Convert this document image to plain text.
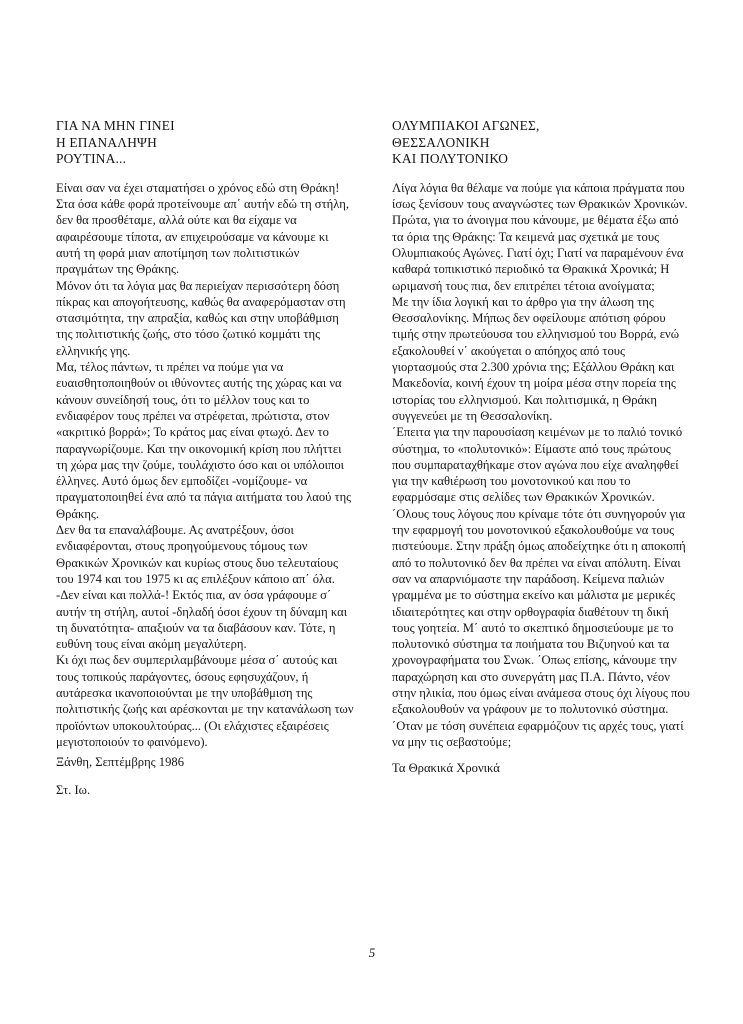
ΓΙΑ ΝΑ ΜΗΝ ΓΙΝΕΙ
Η ΕΠΑΝΑΛΗΨΗ
ΡΟΥΤΙΝΑ...

Είναι σαν να έχει σταματήσει ο χρόνος εδώ στη Θράκη!

Στα όσα κάθε φορά προτείνουμε απ΄ αυτήν εδώ τη στήλη, δεν θα προσθέταμε, αλλά ούτε και θα είχαμε να αφαιρέσουμε τίποτα, αν επιχειρούσαμε να κάνουμε κι αυτή τη φορά μιαν αποτίμηση των πολιτιστικών πραγμάτων της Θράκης.

Μόνον ότι τα λόγια μας θα περιείχαν περισσότερη δόση πίκρας και απογοήτευσης, καθώς θα αναφερόμασταν στη στασιμότητα, την απραξία, καθώς και στην υποβάθμιση της πολιτιστικής ζωής, στο τόσο ζωτικό κομμάτι της ελληνικής γης.

Μα, τέλος πάντων, τι πρέπει να πούμε για να ευαισθητοποιηθούν οι ιθύνοντες αυτής της χώρας και να κάνουν συνείδησή τους, ότι το μέλλον τους και το ενδιαφέρον τους πρέπει να στρέφεται, πρώτιστα, στον «ακριτικό βορρά»; Το κράτος μας είναι φτωχό. Δεν το παραγνωρίζουμε. Και την οικονομική κρίση που πλήττει τη χώρα μας την ζούμε, τουλάχιστο όσο και οι υπόλοιποι έλληνες. Αυτό όμως δεν εμποδίζει -νομίζουμε- να πραγματοποιηθεί ένα από τα πάγια αιτήματα του λαού της Θράκης.

Δεν θα τα επαναλάβουμε. Ας ανατρέξουν, όσοι ενδιαφέρονται, στους προηγούμενους τόμους των Θρακικών Χρονικών και κυρίως στους δυο τελευταίους του 1974 και του 1975 κι ας επιλέξουν κάποιο απ΄ όλα. -Δεν είναι και πολλά-! Εκτός πια, αν όσα γράφουμε σ΄ αυτήν τη στήλη, αυτοί -δηλαδή όσοι έχουν τη δύναμη και τη δυνατότητα- απαξιούν να τα διαβάσουν καν. Τότε, η ευθύνη τους είναι ακόμη μεγαλύτερη.

Κι όχι πως δεν συμπεριλαμβάνουμε μέσα σ΄ αυτούς και τους τοπικούς παράγοντες, όσους εφησυχάζουν, ή αυτάρεσκα ικανοποιούνται με την υποβάθμιση της πολιτιστικής ζωής και αρέσκονται με την κατανάλωση των προϊόντων υποκουλτούρας... (Οι ελάχιστες εξαιρέσεις μεγιστοποιούν το φαινόμενο).

Ξάνθη, Σεπτέμβρης 1986

Στ. Ιω.

ΟΛΥΜΠΙΑΚΟΙ ΑΓΩΝΕΣ,
ΘΕΣΣΑΛΟΝΙΚΗ
ΚΑΙ ΠΟΛΥΤΟΝΙΚΟ

Λίγα λόγια θα θέλαμε να πούμε για κάποια πράγματα που ίσως ξενίσουν τους αναγνώστες των Θρακικών Χρονικών.

Πρώτα, για το άνοιγμα που κάνουμε, με θέματα έξω από τα όρια της Θράκης: Τα κειμενά μας σχετικά με τους Ολυμπιακούς Αγώνες. Γιατί όχι; Γιατί να παραμένουν ένα καθαρά τοπικιστικό περιοδικό τα Θρακικά Χρονικά; Η ωριμανσή τους πια, δεν επιτρέπει τέτοια ανοίγματα;

Με την ίδια λογική και το άρθρο για την άλωση της Θεσσαλονίκης. Μήπως δεν οφείλουμε απότιση φόρου τιμής στην πρωτεύουσα του ελληνισμού του Βορρά, ενώ εξακολουθεί ν΄ ακούγεται ο απόηχος από τους γιορτασμούς στα 2.300 χρόνια της; Εξάλλου Θράκη και Μακεδονία, κοινή έχουν τη μοίρα μέσα στην πορεία της ιστορίας του ελληνισμού. Και πολιτισμικά, η Θράκη συγγενεύει με τη Θεσσαλονίκη.

΄Επειτα για την παρουσίαση κειμένων με το παλιό τονικό σύστημα, το «πολυτονικό»: Είμαστε από τους πρώτους που συμπαραταχθήκαμε στον αγώνα που είχε αναληφθεί για την καθιέρωση του μονοτονικού και που το εφαρμόσαμε στις σελίδες των Θρακικών Χρονικών. ΄Ολους τους λόγους που κρίναμε τότε ότι συνηγορούν για την εφαρμογή του μονοτονικού εξακολουθούμε να τους πιστεύουμε. Στην πράξη όμως αποδείχτηκε ότι η αποκοπή από το πολυτονικό δεν θα πρέπει να είναι απόλυτη. Είναι σαν να απαρνιόμαστε την παράδοση. Κείμενα παλιών γραμμένα με το σύστημα εκείνο και μάλιστα με μερικές ιδιαιτερότητες και στην ορθογραφία διαθέτουν τη δική τους γοητεία. Μ΄ αυτό το σκεπτικό δημοσιεύουμε με το πολυτονικό σύστημα τα ποιήματα του Βιζυηνού και τα χρονογραφήματα του Σνωκ. ΄Οπως επίσης, κάνουμε την παραχώρηση και στο συνεργάτη μας Π.Α. Πάντο, νέον στην ηλικία, που όμως είναι ανάμεσα στους όχι λίγους που εξακολουθούν να γράφουν με το πολυτονικό σύστημα. ΄Οταν με τόση συνέπεια εφαρμόζουν τις αρχές τους, γιατί να μην τις σεβαστούμε;

Τα Θρακικά Χρονικά

5
